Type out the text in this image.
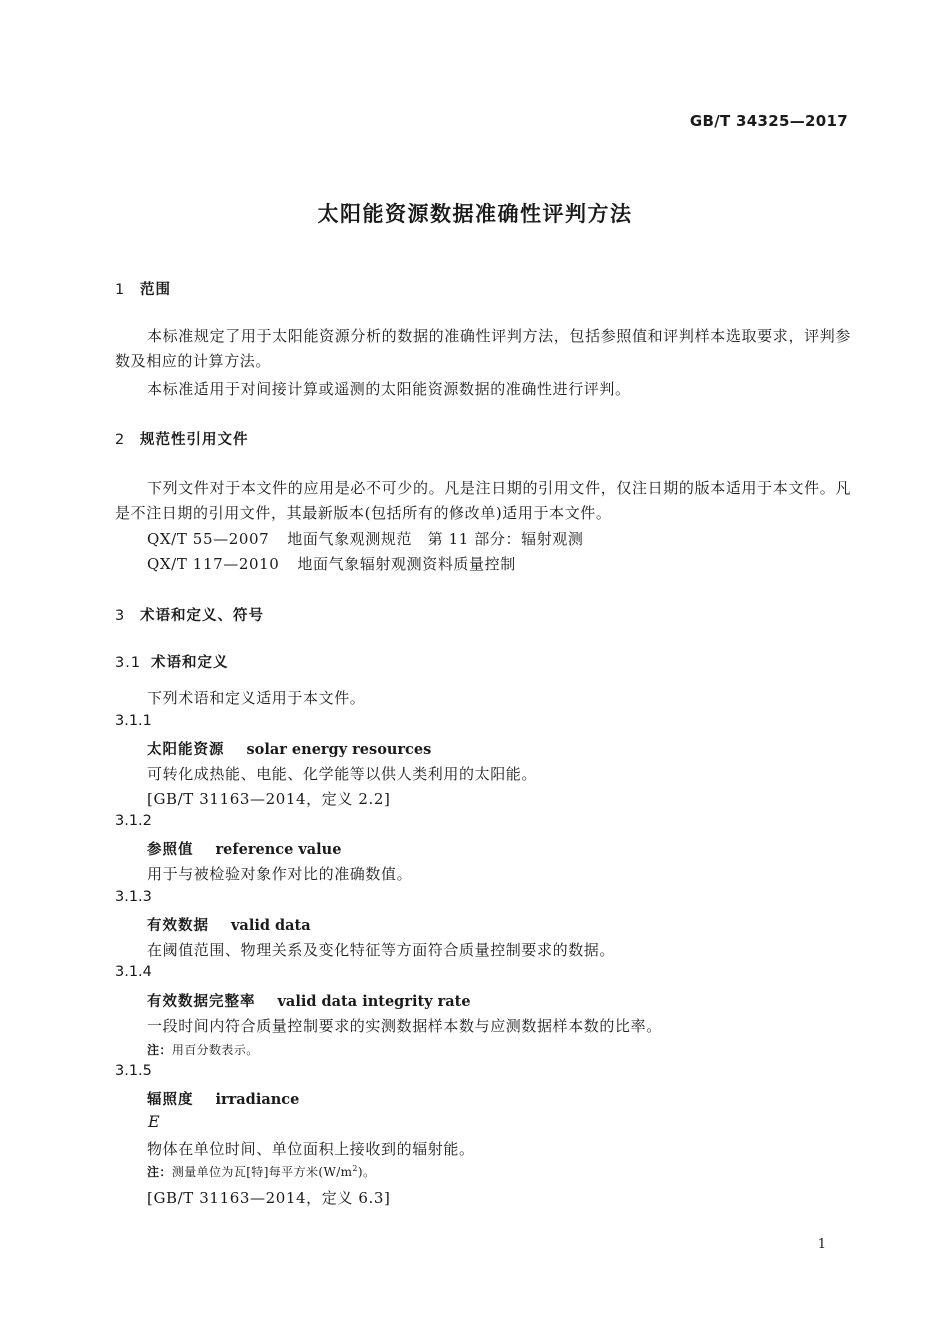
GB/T 34325—2017
太阳能资源数据准确性评判方法
1 范围
本标准规定了用于太阳能资源分析的数据的准确性评判方法，包括参照值和评判样本选取要求，评判参数及相应的计算方法。
本标准适用于对间接计算或遥测的太阳能资源数据的准确性进行评判。
2 规范性引用文件
下列文件对于本文件的应用是必不可少的。凡是注日期的引用文件，仅注日期的版本适用于本文件。凡是不注日期的引用文件，其最新版本(包括所有的修改单)适用于本文件。
QX/T 55—2007 地面气象观测规范　第 11 部分：辐射观测
QX/T 117—2010 地面气象辐射观测资料质量控制
3 术语和定义、符号
3.1 术语和定义
下列术语和定义适用于本文件。
3.1.1
太阳能资源 solar energy resources
可转化成热能、电能、化学能等以供人类利用的太阳能。
[GB/T 31163—2014，定义 2.2]
3.1.2
参照值 reference value
用于与被检验对象作对比的准确数值。
3.1.3
有效数据 valid data
在阈值范围、物理关系及变化特征等方面符合质量控制要求的数据。
3.1.4
有效数据完整率 valid data integrity rate
一段时间内符合质量控制要求的实测数据样本数与应测数据样本数的比率。
注：用百分数表示。
3.1.5
辐照度 irradiance
E
物体在单位时间、单位面积上接收到的辐射能。
注：测量单位为瓦[特]每平方米$(W/m^2)$。
[GB/T 31163—2014，定义 6.3]
1
